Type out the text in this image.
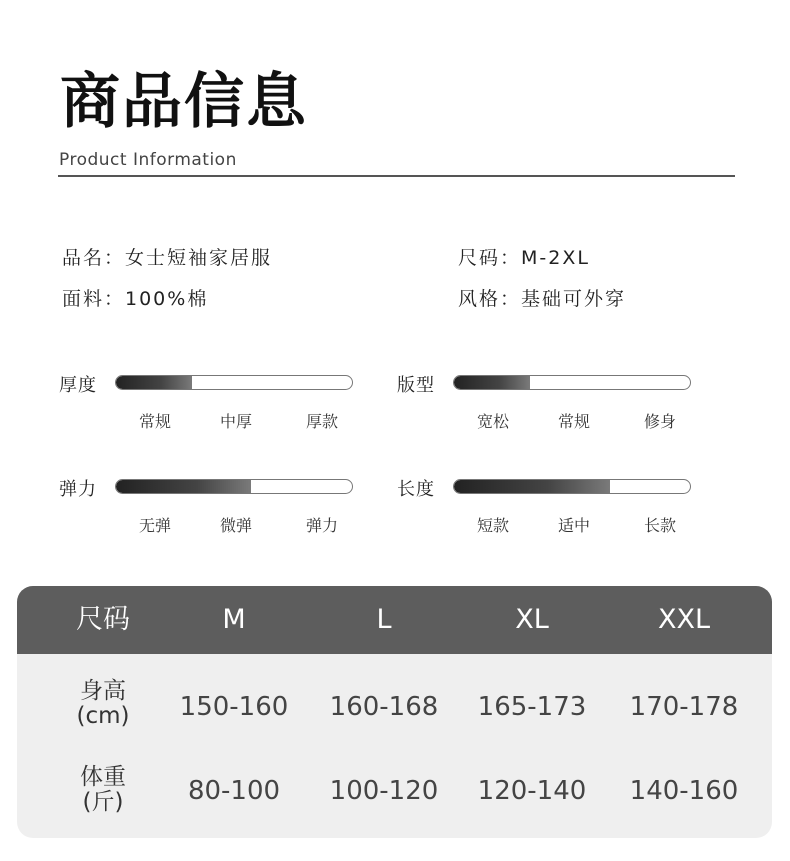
商品信息
Product Information
品名：女士短袖家居服	尺码：M-2XL
面料：100%棉	风格：基础可外穿
厚度
常规	中厚	厚款
版型
宽松	常规	修身
弹力
无弹	微弹	弹力
长度
短款	适中	长款
尺码	M	L	XL	XXL
身高
(cm)	150-160	160-168	165-173	170-178
体重
(斤)	80-100	100-120	120-140	140-160
